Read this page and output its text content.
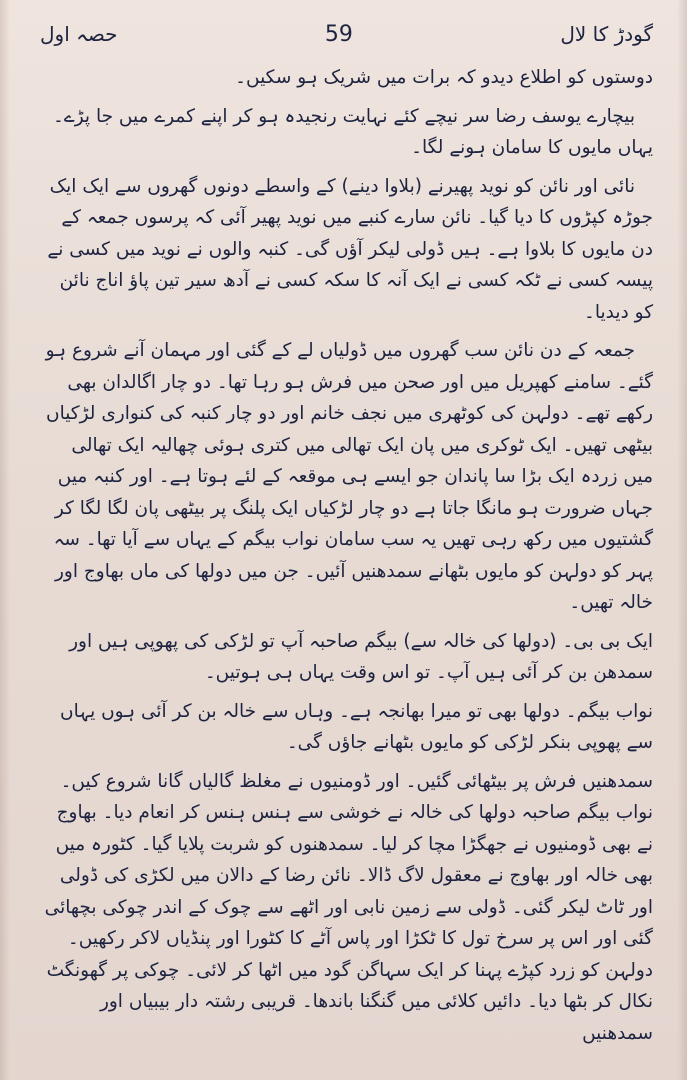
گودڑ کا لال
59
حصہ اول

دوستوں کو اطلاع دیدو کہ برات میں شریک ہو سکیں۔

بیچارے یوسف رضا سر نیچے کئے نہایت رنجیدہ ہو کر اپنے کمرے میں جا پڑے۔ یہاں مایوں کا سامان ہونے لگا۔

نائی اور نائن کو نوید پھیرنے (بلاوا دینے) کے واسطے دونوں گھروں سے ایک ایک جوڑہ کپڑوں کا دیا گیا۔ نائن سارے کنبے میں نوید پھیر آئی کہ پرسوں جمعہ کے دن مایوں کا بلاوا ہے۔ ہیں ڈولی لیکر آؤں گی۔ کنبہ والوں نے نوید میں کسی نے پیسہ کسی نے ٹکہ کسی نے ایک آنہ کا سکہ کسی نے آدھ سیر تین پاؤ اناج نائن کو دیدیا۔

جمعہ کے دن نائن سب گھروں میں ڈولیاں لے کے گئی اور مہمان آنے شروع ہو گئے۔ سامنے کھپریل میں اور صحن میں فرش ہو رہا تھا۔ دو چار اگالدان بھی رکھے تھے۔ دولہن کی کوٹھری میں نجف خانم اور دو چار کنبہ کی کنواری لڑکیاں بیٹھی تھیں۔ ایک ٹوکری میں پان ایک تھالی میں کتری ہوئی چھالیہ ایک تھالی میں زردہ ایک بڑا سا پاندان جو ایسے ہی موقعہ کے لئے ہوتا ہے۔ اور کنبہ میں جہاں ضرورت ہو مانگا جاتا ہے دو چار لڑکیاں ایک پلنگ پر بیٹھی پان لگا لگا کر گشتیوں میں رکھ رہی تھیں یہ سب سامان نواب بیگم کے یہاں سے آیا تھا۔ سہ پہر کو دولہن کو مایوں بٹھانے سمدھنیں آئیں۔ جن میں دولھا کی ماں بھاوج اور خالہ تھیں۔

ایک بی بی۔ (دولھا کی خالہ سے) بیگم صاحبہ آپ تو لڑکی کی پھوپی ہیں اور سمدھن بن کر آئی ہیں آپ۔ تو اس وقت یہاں ہی ہوتیں۔

نواب بیگم۔ دولھا بھی تو میرا بھانجہ ہے۔ وہاں سے خالہ بن کر آئی ہوں یہاں سے پھوپی بنکر لڑکی کو مایوں بٹھانے جاؤں گی۔

سمدھنیں فرش پر بیٹھائی گئیں۔ اور ڈومنیوں نے مغلظ گالیاں گانا شروع کیں۔ نواب بیگم صاحبہ دولھا کی خالہ نے خوشی سے ہنس ہنس کر انعام دیا۔ بھاوج نے بھی ڈومنیوں نے جھگڑا مچا کر لیا۔ سمدھنوں کو شربت پلایا گیا۔ کٹورہ میں بھی خالہ اور بھاوج نے معقول لاگ ڈالا۔ نائن رضا کے دالان میں لکڑی کی ڈولی اور ٹاٹ لیکر گئی۔ ڈولی سے زمین نابی اور اٹھے سے چوک کے اندر چوکی بچھائی گئی اور اس پر سرخ تول کا ٹکڑا اور پاس آٹے کا کٹورا اور پنڈیاں لاکر رکھیں۔ دولہن کو زرد کپڑے پہنا کر ایک سہاگن گود میں اٹھا کر لائی۔ چوکی پر گھونگٹ نکال کر بٹھا دیا۔ دائیں کلائی میں گنگنا باندھا۔ قریبی رشتہ دار بیبیاں اور سمدھنیں
